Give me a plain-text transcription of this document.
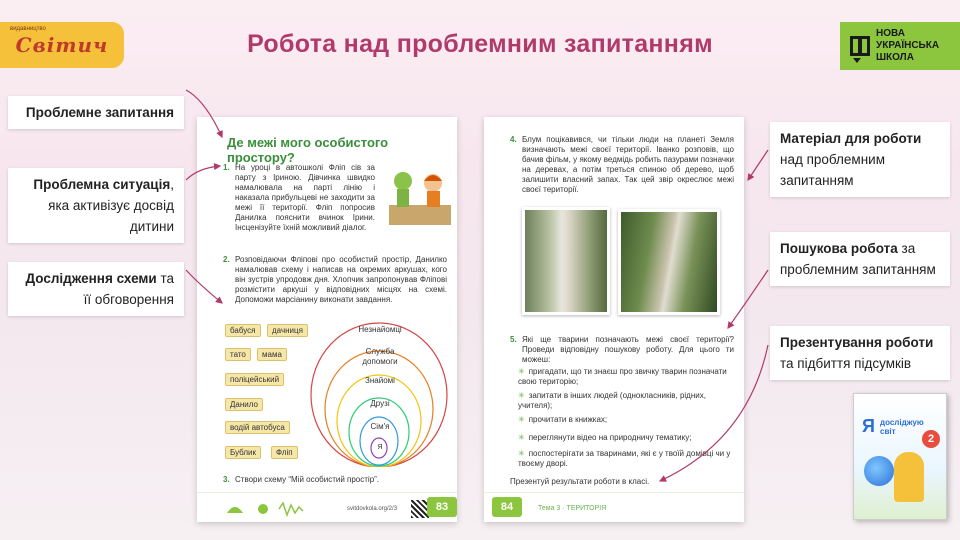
видавництво
Світич	Робота над проблемним запитанням	НОВА
УКРАЇНСЬКА
ШКОЛА
Проблемне запитання
Проблемна ситуація, яка активізує досвід дитини
Дослідження схеми та її обговорення
Матеріал для роботи над проблемним запитанням
Пошукова робота за проблемним запитанням
Презентування роботи та підбиття підсумків
Де межі мого особистого простору?
1. На уроці в автошколі Фліп сів за парту з Іриною. Дівчинка швидко намалювала на парті лінію і наказала прибульцеві не заходити за межі її території. Фліп попросив Данилка пояснити вчинок Ірини. Інсценізуйте їхній можливий діалог.
2. Розповідаючи Фліпові про особистий простір, Данилко намалював схему і написав на окремих аркушах, кого він зустрів упродовж дня. Хлопчик запропонував Фліпові розмістити аркуші у відповідних місцях на схемі. Допоможи марсіанину виконати завдання.
бабуся	дачниця
тато	мама
поліцейський
Данило
водій автобуса
Бублик	Фліп
Незнайомці
Служба допомоги
Знайомі
Друзі
Сім'я
Я
3. Створи схему “Мій особистий простір”.
svitdovkola.org/2/3	83
4. Блум поцікавився, чи тільки люди на планеті Земля визначають межі своєї території. Іванко розповів, що бачив фільм, у якому ведмідь робить пазурами позначки на деревах, а потім треться спиною об дерево, щоб залишити власний запах. Так цей звір окреслює межі своєї території.
5. Які ще тварини позначають межі своєї території? Проведи відповідну пошукову роботу. Для цього ти можеш:
✳ пригадати, що ти знаєш про звичку тварин позначати свою територію;
✳ запитати в інших людей (однокласників, рідних, учителя);
✳ прочитати в книжках;
✳ переглянути відео на природничу тематику;
✳ поспостерігати за тваринами, які є у твоїй домівці чи у твоєму дворі.
Презентуй результати роботи в класі.
84	Тема 3 · ТЕРИТОРІЯ
Я досліджую
світ
2
